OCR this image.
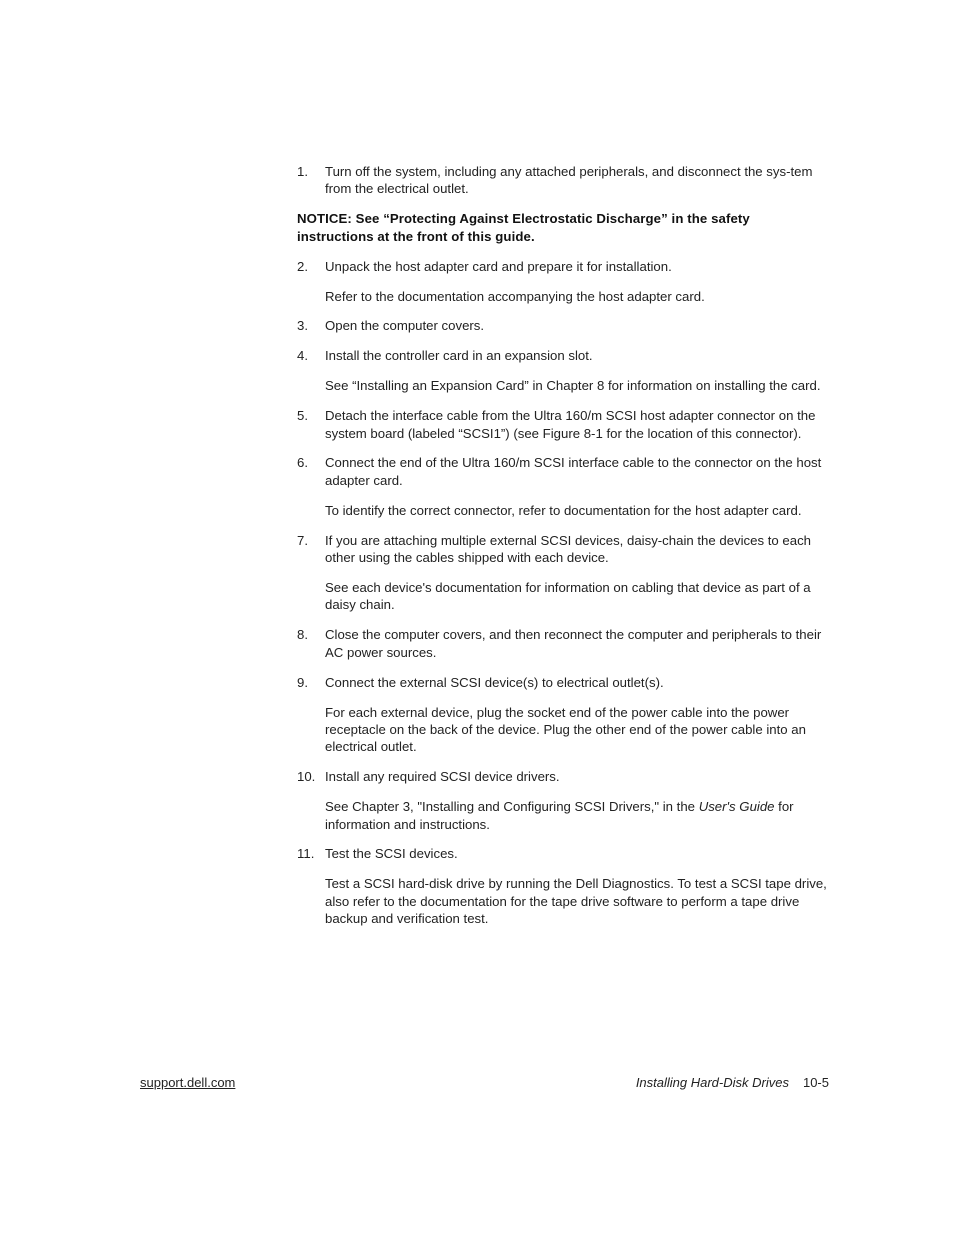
1. Turn off the system, including any attached peripherals, and disconnect the sys-tem from the electrical outlet.

NOTICE: See “Protecting Against Electrostatic Discharge” in the safety instructions at the front of this guide.

2. Unpack the host adapter card and prepare it for installation.

Refer to the documentation accompanying the host adapter card.

3. Open the computer covers.

4. Install the controller card in an expansion slot.

See “Installing an Expansion Card” in Chapter 8 for information on installing the card.

5. Detach the interface cable from the Ultra 160/m SCSI host adapter connector on the system board (labeled “SCSI1”) (see Figure 8-1 for the location of this connector).

6. Connect the end of the Ultra 160/m SCSI interface cable to the connector on the host adapter card.

To identify the correct connector, refer to documentation for the host adapter card.

7. If you are attaching multiple external SCSI devices, daisy-chain the devices to each other using the cables shipped with each device.

See each device's documentation for information on cabling that device as part of a daisy chain.

8. Close the computer covers, and then reconnect the computer and peripherals to their AC power sources.

9. Connect the external SCSI device(s) to electrical outlet(s).

For each external device, plug the socket end of the power cable into the power receptacle on the back of the device. Plug the other end of the power cable into an electrical outlet.

10. Install any required SCSI device drivers.

See Chapter 3, "Installing and Configuring SCSI Drivers," in the User's Guide for information and instructions.

11. Test the SCSI devices.

Test a SCSI hard-disk drive by running the Dell Diagnostics. To test a SCSI tape drive, also refer to the documentation for the tape drive software to perform a tape drive backup and verification test.

support.dell.com	Installing Hard-Disk Drives 10-5
